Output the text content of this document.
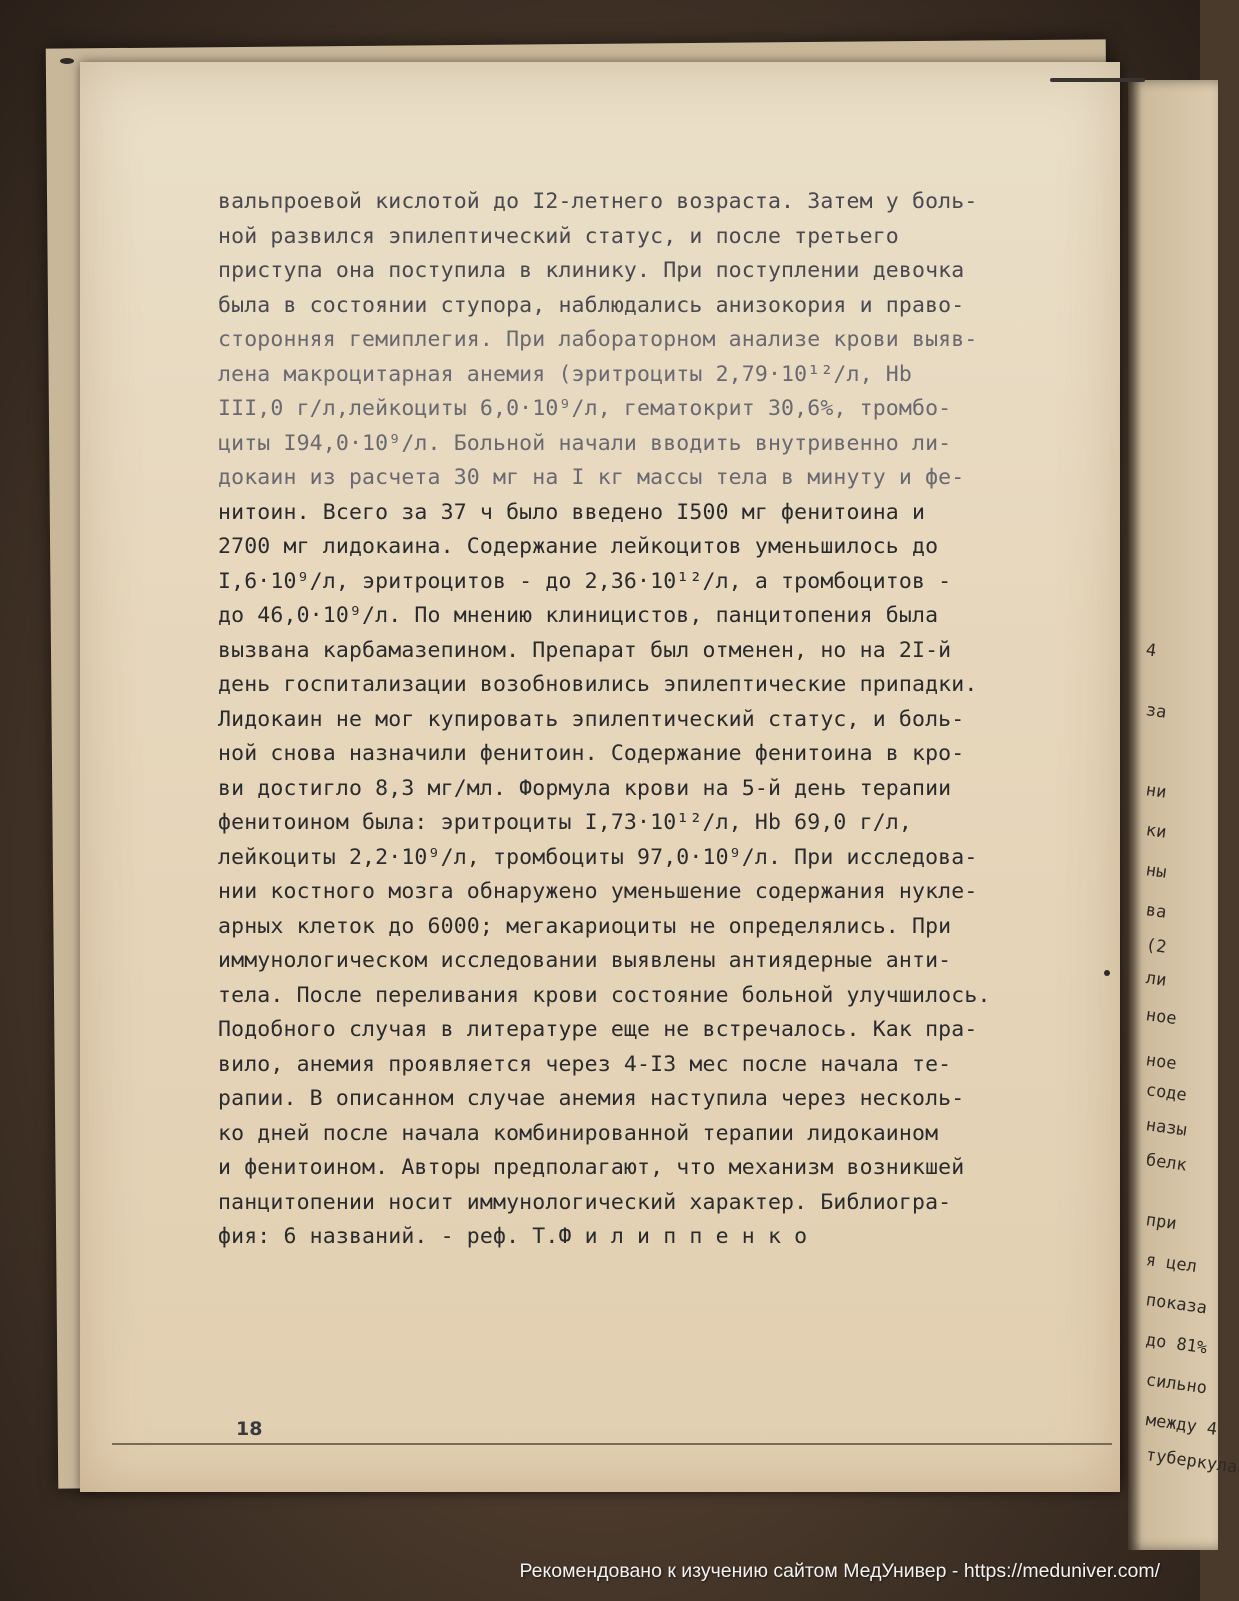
4
за
ни
ки
ны
ва
(2
ли
ное
ное
соде
назы
белк
при
я цел
показа
до 81%
сильно
между 4
туберкула
вальпроевой кислотой до I2-летнего возраста. Затем у боль-
ной развился эпилептический статус, и после третьего
приступа она поступила в клинику. При поступлении девочка
была в состоянии ступора, наблюдались анизокория и право-
сторонняя гемиплегия. При лабораторном анализе крови выяв-
лена макроцитарная анемия (эритроциты 2,79·10¹²/л, Hb
III,0 г/л,лейкоциты 6,0·10⁹/л, гематокрит 30,6%, тромбо-
циты I94,0·10⁹/л. Больной начали вводить внутривенно ли-
докаин из расчета 30 мг на I кг массы тела в минуту и фе-
нитоин. Всего за 37 ч было введено I500 мг фенитоина и
2700 мг лидокаина. Содержание лейкоцитов уменьшилось до
I,6·10⁹/л, эритроцитов - до 2,36·10¹²/л, а тромбоцитов -
до 46,0·10⁹/л. По мнению клиницистов, панцитопения была
вызвана карбамазепином. Препарат был отменен, но на 2I-й
день госпитализации возобновились эпилептические припадки.
Лидокаин не мог купировать эпилептический статус, и боль-
ной снова назначили фенитоин. Содержание фенитоина в кро-
ви достигло 8,3 мг/мл. Формула крови на 5-й день терапии
фенитоином была: эритроциты I,73·10¹²/л, Hb 69,0 г/л,
лейкоциты 2,2·10⁹/л, тромбоциты 97,0·10⁹/л. При исследова-
нии костного мозга обнаружено уменьшение содержания нукле-
арных клеток до 6000; мегакариоциты не определялись. При
иммунологическом исследовании выявлены антиядерные анти-
тела. После переливания крови состояние больной улучшилось.
Подобного случая в литературе еще не встречалось. Как пра-
вило, анемия проявляется через 4-I3 мес после начала те-
рапии. В описанном случае анемия наступила через несколь-
ко дней после начала комбинированной терапии лидокаином
и фенитоином. Авторы предполагают, что механизм возникшей
панцитопении носит иммунологический характер. Библиогра-
фия: 6 названий. - реф. Т.Ф и л и п п е н к о
18
Рекомендовано к изучению сайтом МедУнивер - https://meduniver.com/
